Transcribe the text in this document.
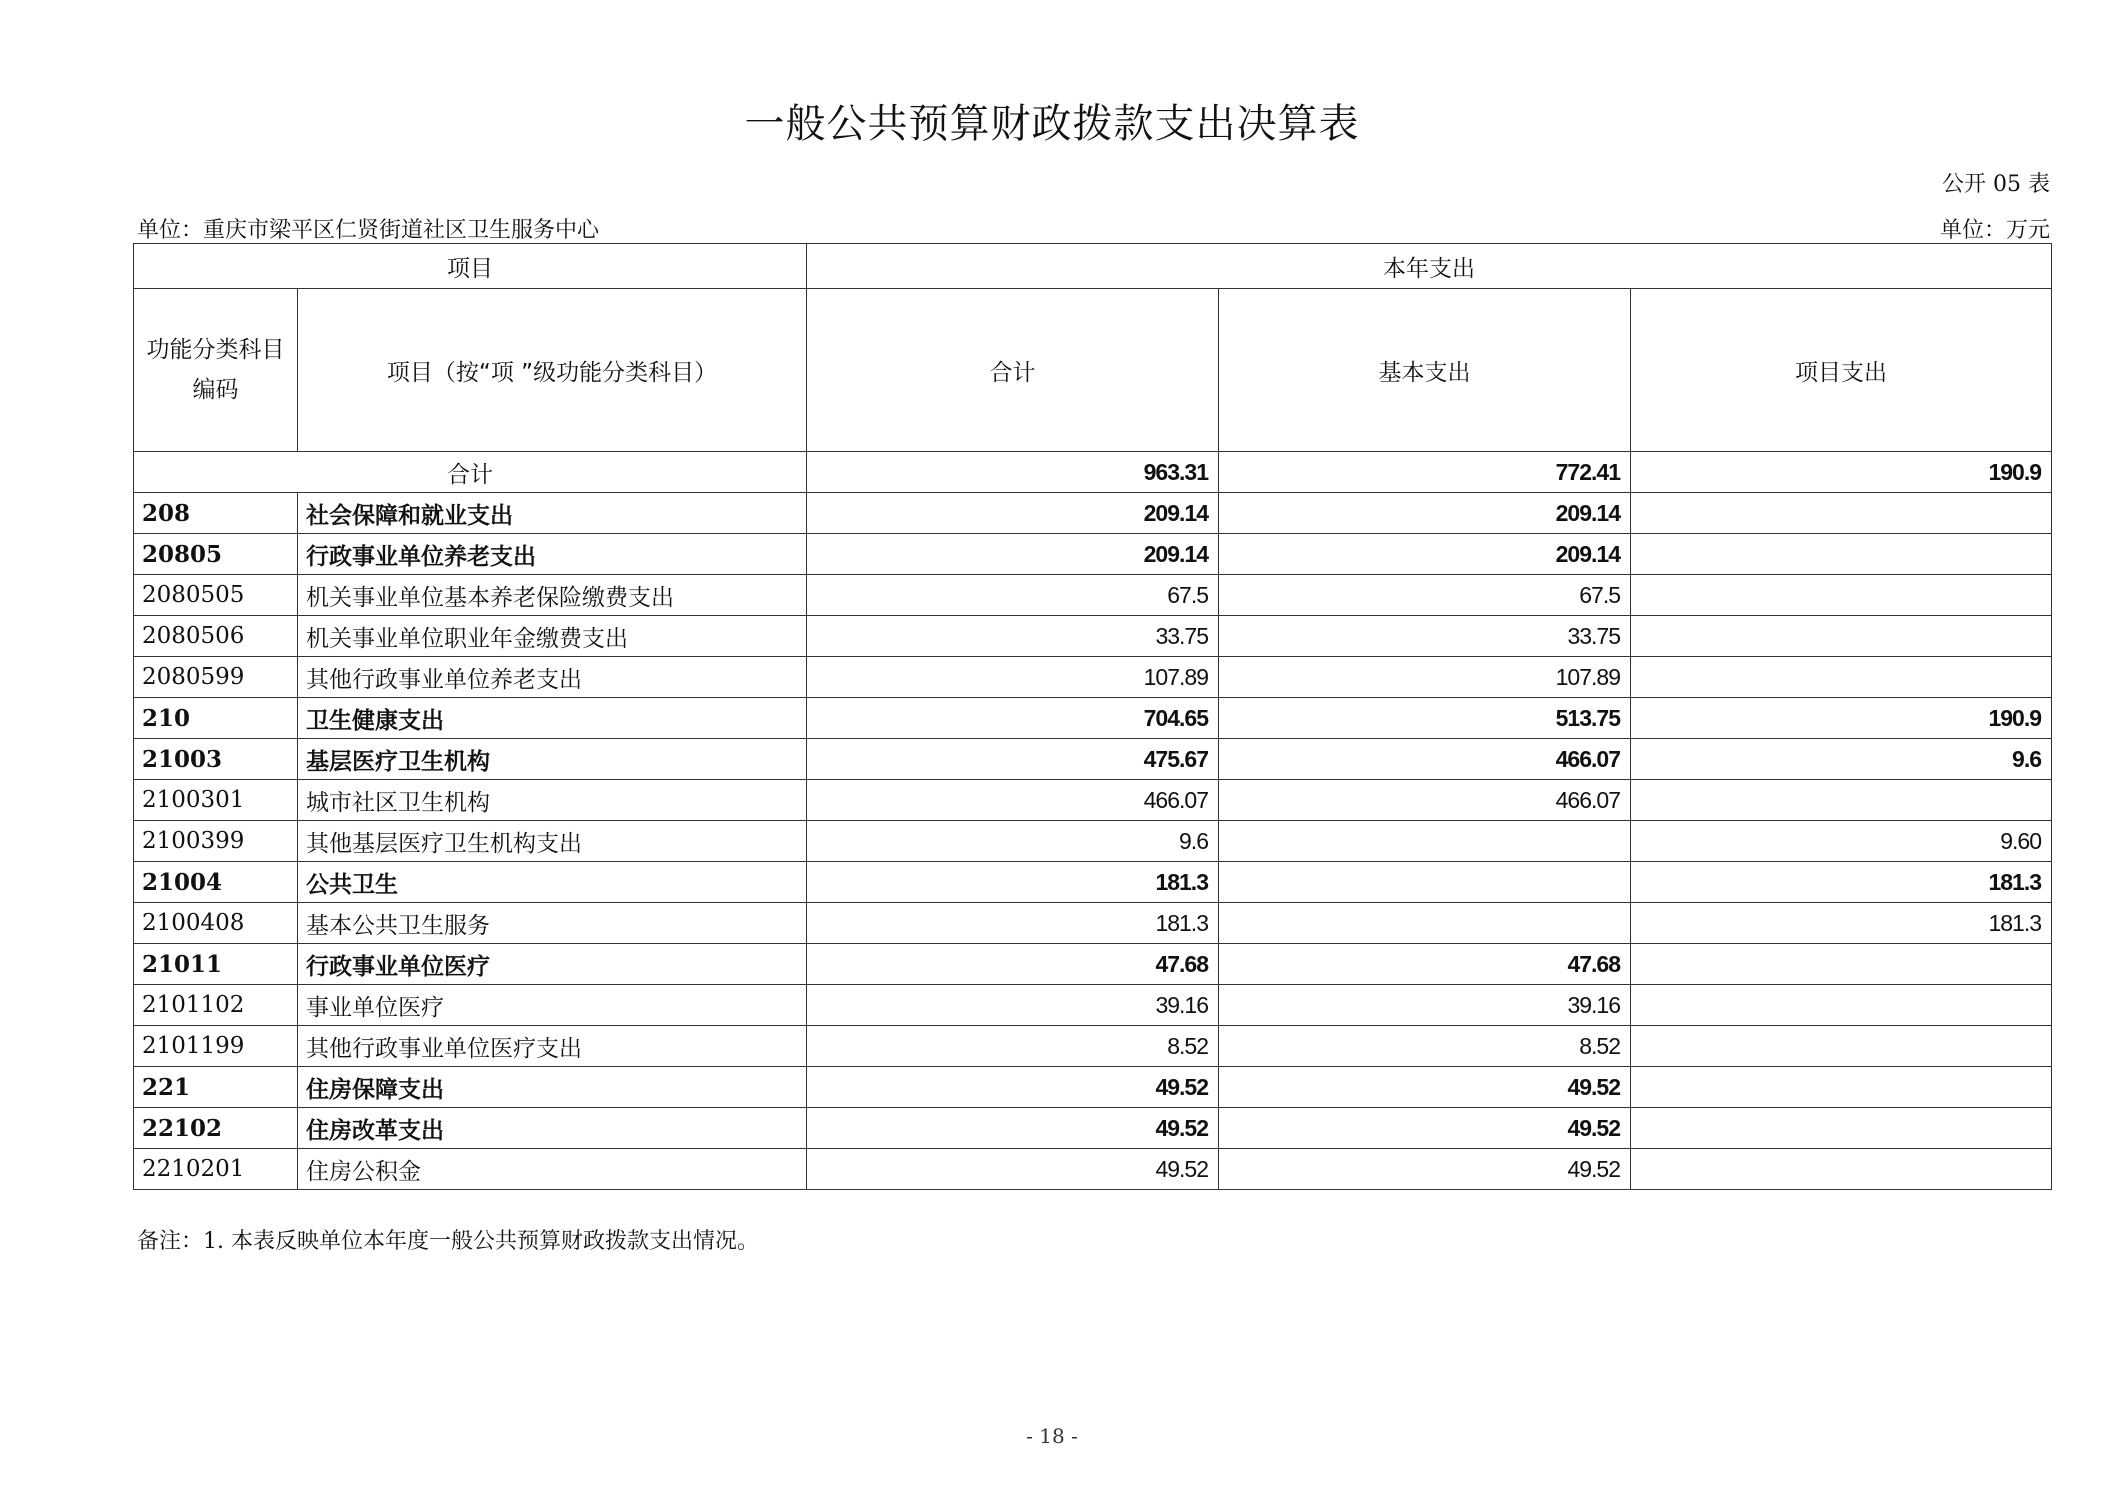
一般公共预算财政拨款支出决算表
公开 05 表
单位：重庆市梁平区仁贤街道社区卫生服务中心	单位：万元
项目		本年支出		
功能分类科目编码	项目（按“项 ”级功能分类科目）	合计	基本支出	项目支出
合计		963.31	772.41	190.9
208	社会保障和就业支出	209.14	209.14	
20805	行政事业单位养老支出	209.14	209.14	
2080505	机关事业单位基本养老保险缴费支出	67.5	67.5	
2080506	机关事业单位职业年金缴费支出	33.75	33.75	
2080599	其他行政事业单位养老支出	107.89	107.89	
210	卫生健康支出	704.65	513.75	190.9
21003	基层医疗卫生机构	475.67	466.07	9.6
2100301	城市社区卫生机构	466.07	466.07	
2100399	其他基层医疗卫生机构支出	9.6		9.60
21004	公共卫生	181.3		181.3
2100408	基本公共卫生服务	181.3		181.3
21011	行政事业单位医疗	47.68	47.68	
2101102	事业单位医疗	39.16	39.16	
2101199	其他行政事业单位医疗支出	8.52	8.52	
221	住房保障支出	49.52	49.52	
22102	住房改革支出	49.52	49.52	
2210201	住房公积金	49.52	49.52	
备注：1. 本表反映单位本年度一般公共预算财政拨款支出情况。
- 18 -
